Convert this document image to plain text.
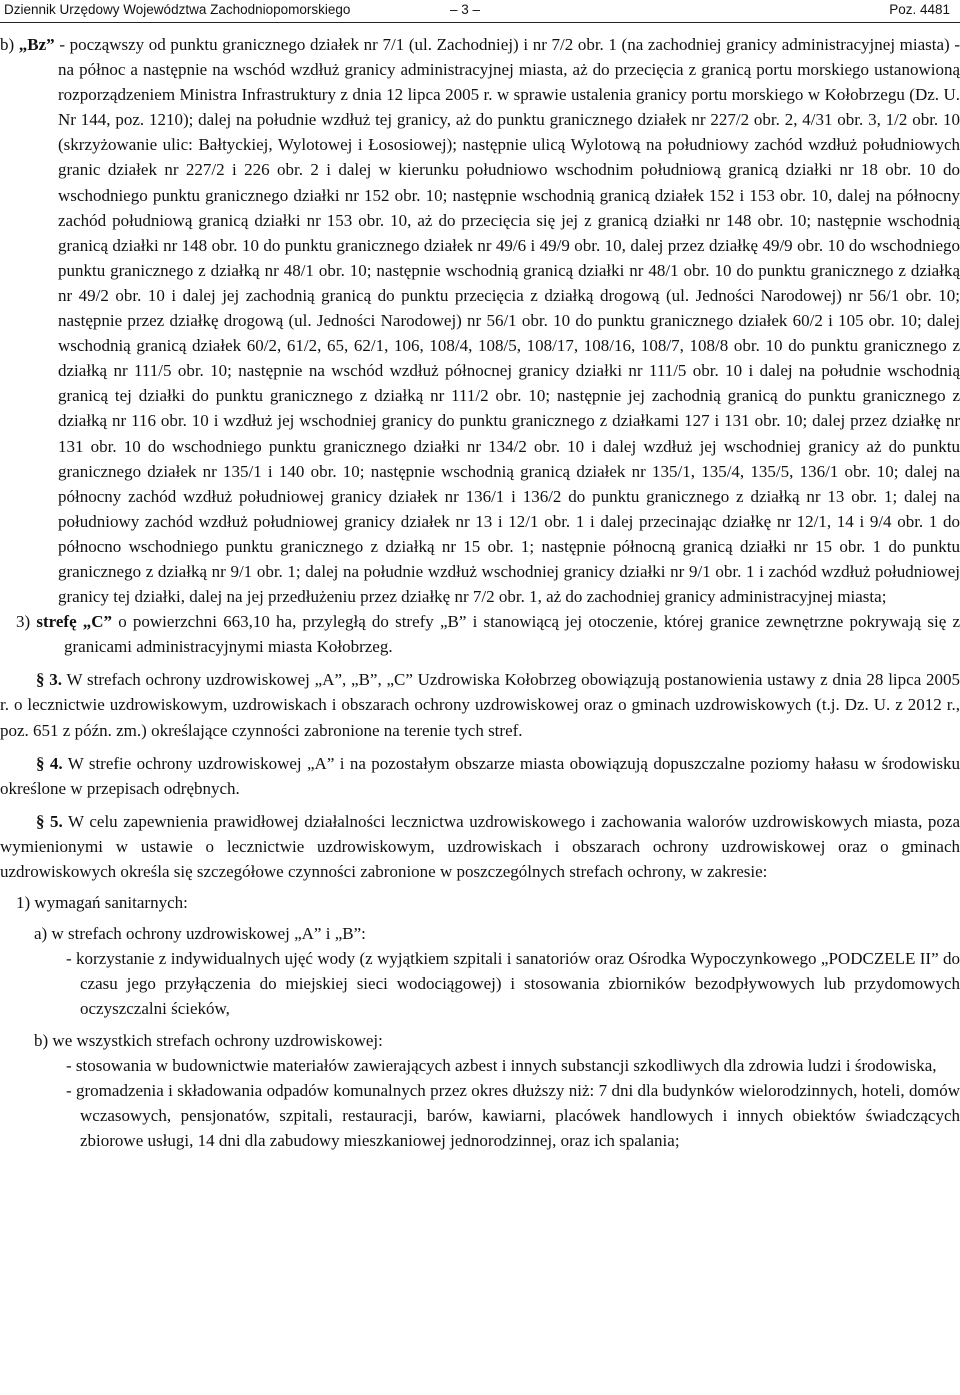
Dziennik Urzędowy Województwa Zachodniopomorskiego	– 3 –	Poz. 4481

b) „Bz” - począwszy od punktu granicznego działek nr 7/1 (ul. Zachodniej) i nr 7/2 obr. 1 (na zachodniej granicy administracyjnej miasta) - na północ a następnie na wschód wzdłuż granicy administracyjnej miasta, aż do przecięcia z granicą portu morskiego ustanowioną rozporządzeniem Ministra Infrastruktury z dnia 12 lipca 2005 r. w sprawie ustalenia granicy portu morskiego w Kołobrzegu (Dz. U. Nr 144, poz. 1210); dalej na południe wzdłuż tej granicy, aż do punktu granicznego działek nr 227/2 obr. 2, 4/31 obr. 3, 1/2 obr. 10 (skrzyżowanie ulic: Bałtyckiej, Wylotowej i Łososiowej); następnie ulicą Wylotową na południowy zachód wzdłuż południowych granic działek nr 227/2 i 226 obr. 2 i dalej w kierunku południowo wschodnim południową granicą działki nr 18 obr. 10 do wschodniego punktu granicznego działki nr 152 obr. 10; następnie wschodnią granicą działek 152 i 153 obr. 10, dalej na północny zachód południową granicą działki nr 153 obr. 10, aż do przecięcia się jej z granicą działki nr 148 obr. 10; następnie wschodnią granicą działki nr 148 obr. 10 do punktu granicznego działek nr 49/6 i 49/9 obr. 10, dalej przez działkę 49/9 obr. 10 do wschodniego punktu granicznego z działką nr 48/1 obr. 10; następnie wschodnią granicą działki nr 48/1 obr. 10 do punktu granicznego z działką nr 49/2 obr. 10 i dalej jej zachodnią granicą do punktu przecięcia z działką drogową (ul. Jedności Narodowej) nr 56/1 obr. 10; następnie przez działkę drogową (ul. Jedności Narodowej) nr 56/1 obr. 10 do punktu granicznego działek 60/2 i 105 obr. 10; dalej wschodnią granicą działek 60/2, 61/2, 65, 62/1, 106, 108/4, 108/5, 108/17, 108/16, 108/7, 108/8 obr. 10 do punktu granicznego z działką nr 111/5 obr. 10; następnie na wschód wzdłuż północnej granicy działki nr 111/5 obr. 10 i dalej na południe wschodnią granicą tej działki do punktu granicznego z działką nr 111/2 obr. 10; następnie jej zachodnią granicą do punktu granicznego z działką nr 116 obr. 10 i wzdłuż jej wschodniej granicy do punktu granicznego z działkami 127 i 131 obr. 10; dalej przez działkę nr 131 obr. 10 do wschodniego punktu granicznego działki nr 134/2 obr. 10 i dalej wzdłuż jej wschodniej granicy aż do punktu granicznego działek nr 135/1 i 140 obr. 10; następnie wschodnią granicą działek nr 135/1, 135/4, 135/5, 136/1 obr. 10; dalej na północny zachód wzdłuż południowej granicy działek nr 136/1 i 136/2 do punktu granicznego z działką nr 13 obr. 1; dalej na południowy zachód wzdłuż południowej granicy działek nr 13 i 12/1 obr. 1 i dalej przecinając działkę nr 12/1, 14 i 9/4 obr. 1 do północno wschodniego punktu granicznego z działką nr 15 obr. 1; następnie północną granicą działki nr 15 obr. 1 do punktu granicznego z działką nr 9/1 obr. 1; dalej na południe wzdłuż wschodniej granicy działki nr 9/1 obr. 1 i zachód wzdłuż południowej granicy tej działki, dalej na jej przedłużeniu przez działkę nr 7/2 obr. 1, aż do zachodniej granicy administracyjnej miasta;

3) strefę „C” o powierzchni 663,10 ha, przyległą do strefy „B” i stanowiącą jej otoczenie, której granice zewnętrzne pokrywają się z granicami administracyjnymi miasta Kołobrzeg.

§ 3. W strefach ochrony uzdrowiskowej „A”, „B”, „C” Uzdrowiska Kołobrzeg obowiązują postanowienia ustawy z dnia 28 lipca 2005 r. o lecznictwie uzdrowiskowym, uzdrowiskach i obszarach ochrony uzdrowiskowej oraz o gminach uzdrowiskowych (t.j. Dz. U. z 2012 r., poz. 651 z późn. zm.) określające czynności zabronione na terenie tych stref.

§ 4. W strefie ochrony uzdrowiskowej „A” i na pozostałym obszarze miasta obowiązują dopuszczalne poziomy hałasu w środowisku określone w przepisach odrębnych.

§ 5. W celu zapewnienia prawidłowej działalności lecznictwa uzdrowiskowego i zachowania walorów uzdrowiskowych miasta, poza wymienionymi w ustawie o lecznictwie uzdrowiskowym, uzdrowiskach i obszarach ochrony uzdrowiskowej oraz o gminach uzdrowiskowych określa się szczegółowe czynności zabronione w poszczególnych strefach ochrony, w zakresie:

1) wymagań sanitarnych:

a) w strefach ochrony uzdrowiskowej „A” i „B”:

- korzystanie z indywidualnych ujęć wody (z wyjątkiem szpitali i sanatoriów oraz Ośrodka Wypoczynkowego „PODCZELE II” do czasu jego przyłączenia do miejskiej sieci wodociągowej) i stosowania zbiorników bezodpływowych lub przydomowych oczyszczalni ścieków,

b) we wszystkich strefach ochrony uzdrowiskowej:

- stosowania w budownictwie materiałów zawierających azbest i innych substancji szkodliwych dla zdrowia ludzi i środowiska,

- gromadzenia i składowania odpadów komunalnych przez okres dłuższy niż: 7 dni dla budynków wielorodzinnych, hoteli, domów wczasowych, pensjonatów, szpitali, restauracji, barów, kawiarni, placówek handlowych i innych obiektów świadczących zbiorowe usługi, 14 dni dla zabudowy mieszkaniowej jednorodzinnej, oraz ich spalania;
